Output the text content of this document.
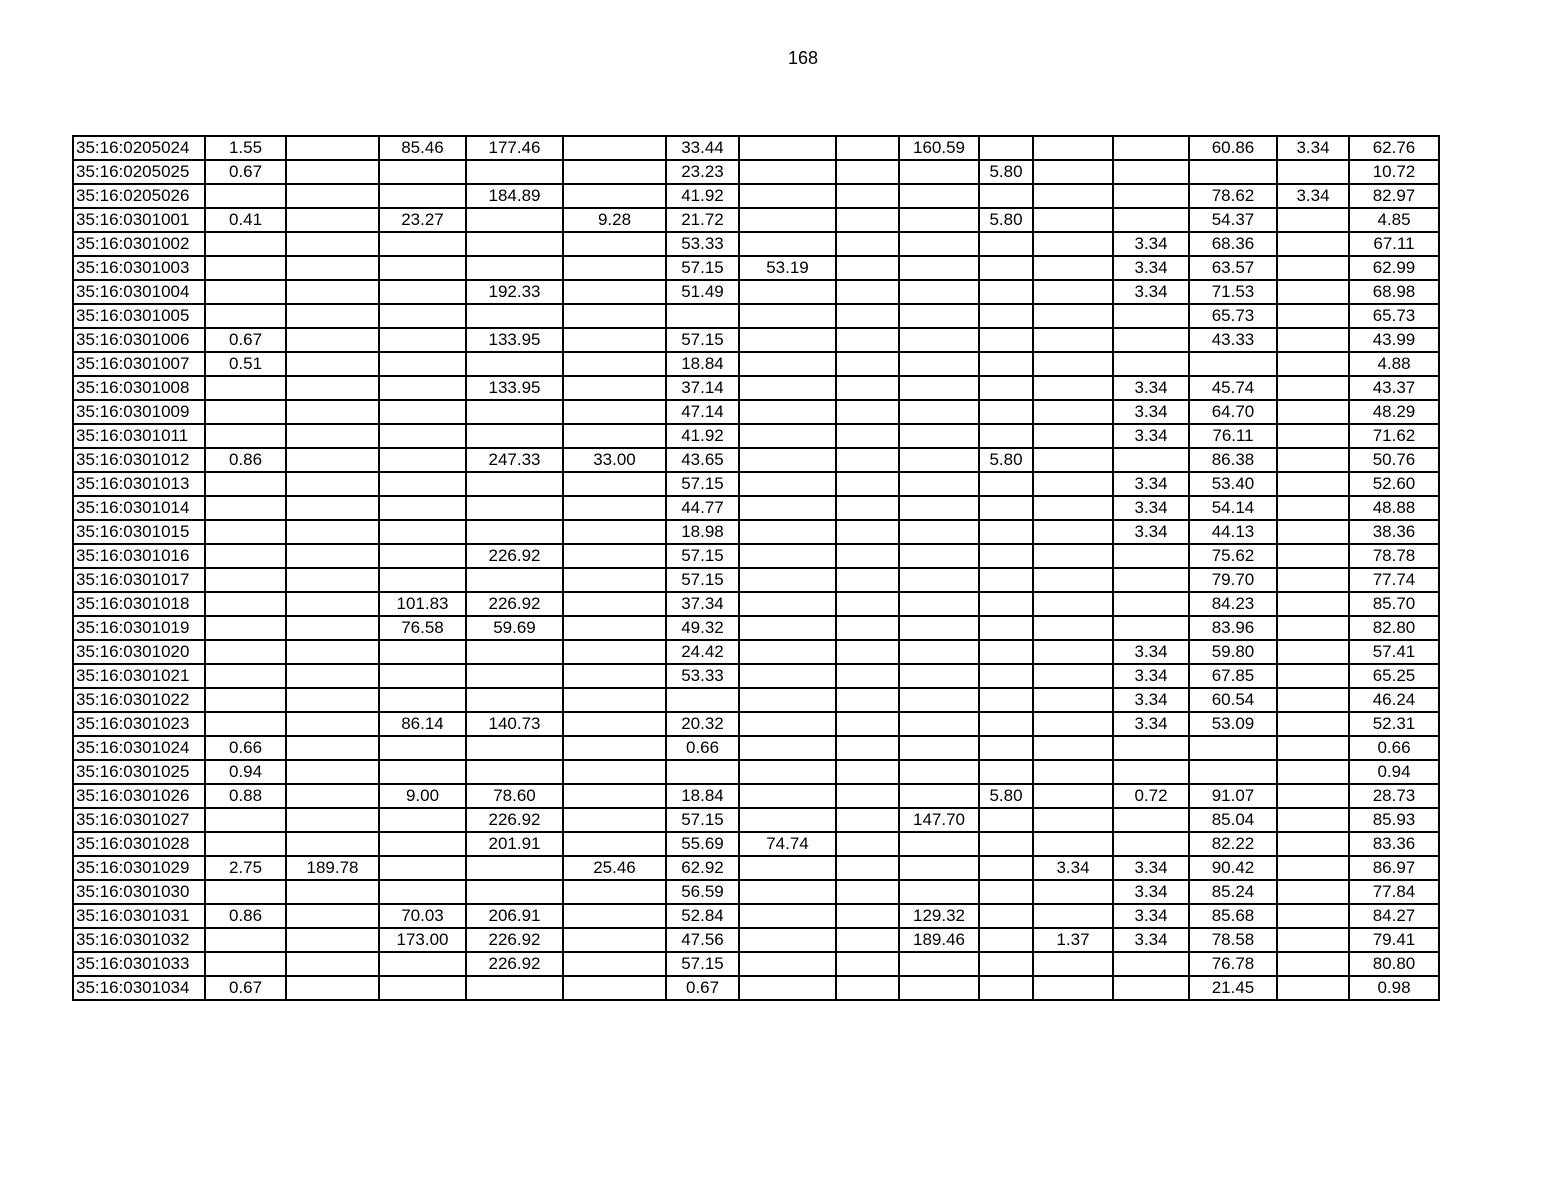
168
35:16:0205024	1.55		85.46	177.46		33.44			160.59				60.86	3.34	62.76
35:16:0205025	0.67					23.23				5.80					10.72
35:16:0205026				184.89		41.92							78.62	3.34	82.97
35:16:0301001	0.41		23.27		9.28	21.72				5.80			54.37		4.85
35:16:0301002						53.33						3.34	68.36		67.11
35:16:0301003						57.15	53.19					3.34	63.57		62.99
35:16:0301004				192.33		51.49						3.34	71.53		68.98
35:16:0301005													65.73		65.73
35:16:0301006	0.67			133.95		57.15							43.33		43.99
35:16:0301007	0.51					18.84									4.88
35:16:0301008				133.95		37.14						3.34	45.74		43.37
35:16:0301009						47.14						3.34	64.70		48.29
35:16:0301011						41.92						3.34	76.11		71.62
35:16:0301012	0.86			247.33	33.00	43.65				5.80			86.38		50.76
35:16:0301013						57.15						3.34	53.40		52.60
35:16:0301014						44.77						3.34	54.14		48.88
35:16:0301015						18.98						3.34	44.13		38.36
35:16:0301016				226.92		57.15							75.62		78.78
35:16:0301017						57.15							79.70		77.74
35:16:0301018			101.83	226.92		37.34							84.23		85.70
35:16:0301019			76.58	59.69		49.32							83.96		82.80
35:16:0301020						24.42						3.34	59.80		57.41
35:16:0301021						53.33						3.34	67.85		65.25
35:16:0301022												3.34	60.54		46.24
35:16:0301023			86.14	140.73		20.32						3.34	53.09		52.31
35:16:0301024	0.66					0.66									0.66
35:16:0301025	0.94														0.94
35:16:0301026	0.88		9.00	78.60		18.84				5.80		0.72	91.07		28.73
35:16:0301027				226.92		57.15			147.70				85.04		85.93
35:16:0301028				201.91		55.69	74.74						82.22		83.36
35:16:0301029	2.75	189.78			25.46	62.92					3.34	3.34	90.42		86.97
35:16:0301030						56.59						3.34	85.24		77.84
35:16:0301031	0.86		70.03	206.91		52.84			129.32			3.34	85.68		84.27
35:16:0301032			173.00	226.92		47.56			189.46		1.37	3.34	78.58		79.41
35:16:0301033				226.92		57.15							76.78		80.80
35:16:0301034	0.67					0.67							21.45		0.98
